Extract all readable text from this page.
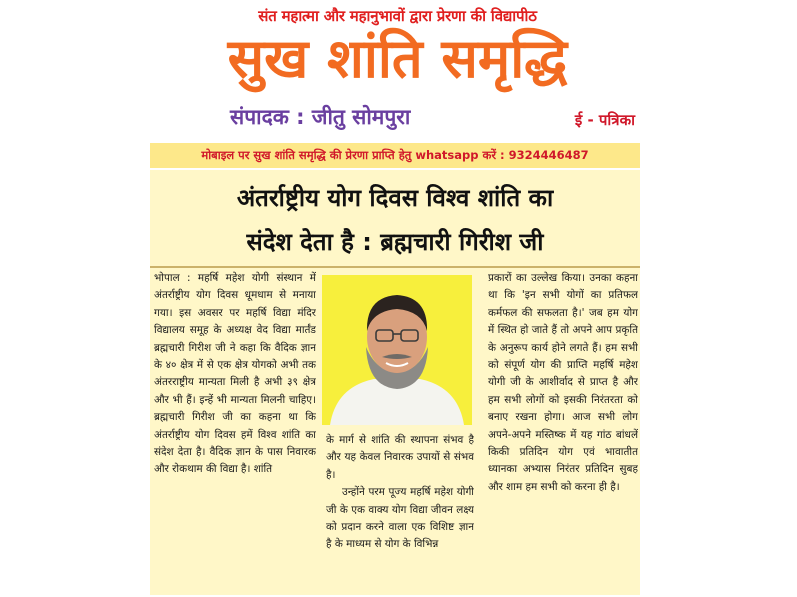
संत महात्मा और महानुभावों द्वारा प्रेरणा की विद्यापीठ
सुख शांति समृद्धि
संपादक : जीतु सोमपुरा	ई - पत्रिका
मोबाइल पर सुख शांति समृद्धि की प्रेरणा प्राप्ति हेतु whatsapp करें : 9324446487
अंतर्राष्ट्रीय योग दिवस विश्व शांति का
संदेश देता है : ब्रह्मचारी गिरीश जी

भोपाल : महर्षि महेश योगी संस्थान में अंतर्राष्ट्रीय योग दिवस धूमधाम से मनाया गया। इस अवसर पर महर्षि विद्या मंदिर विद्यालय समूह के अध्यक्ष वेद विद्या मार्तंड ब्रह्मचारी गिरीश जी ने कहा कि वैदिक ज्ञान के ४० क्षेत्र में से एक क्षेत्र योगको अभी तक अंतरराष्ट्रीय मान्यता मिली है अभी ३९ क्षेत्र और भी हैं। इन्हें भी मान्यता मिलनी चाहिए। ब्रह्मचारी गिरीश जी का कहना था कि अंतर्राष्ट्रीय योग दिवस हमें विश्व शांति का संदेश देता है। वैदिक ज्ञान के पास निवारक और रोकथाम की विद्या है। शांति

के मार्ग से शांति की स्थापना संभव है और यह केवल निवारक उपायों से संभव है।

उन्होंने परम पूज्य महर्षि महेश योगी जी के एक वाक्य योग विद्या जीवन लक्ष्य को प्रदान करने वाला एक विशिष्ट ज्ञान है के माध्यम से योग के विभिन्न

प्रकारों का उल्लेख किया। उनका कहना था कि 'इन सभी योगों का प्रतिफल कर्मफल की सफलता है।' जब हम योग में स्थित हो जाते हैं तो अपने आप प्रकृति के अनुरूप कार्य होने लगते हैं। हम सभी को संपूर्ण योग की प्राप्ति महर्षि महेश योगी जी के आशीर्वाद से प्राप्त है और हम सभी लोगों को इसकी निरंतरता को बनाए रखना होगा। आज सभी लोग अपने-अपने मस्तिष्क में यह गांठ बांधलें किकी प्रतिदिन योग एवं भावातीत ध्यानका अभ्यास निरंतर प्रतिदिन सुबह और शाम हम सभी को करना ही है।
